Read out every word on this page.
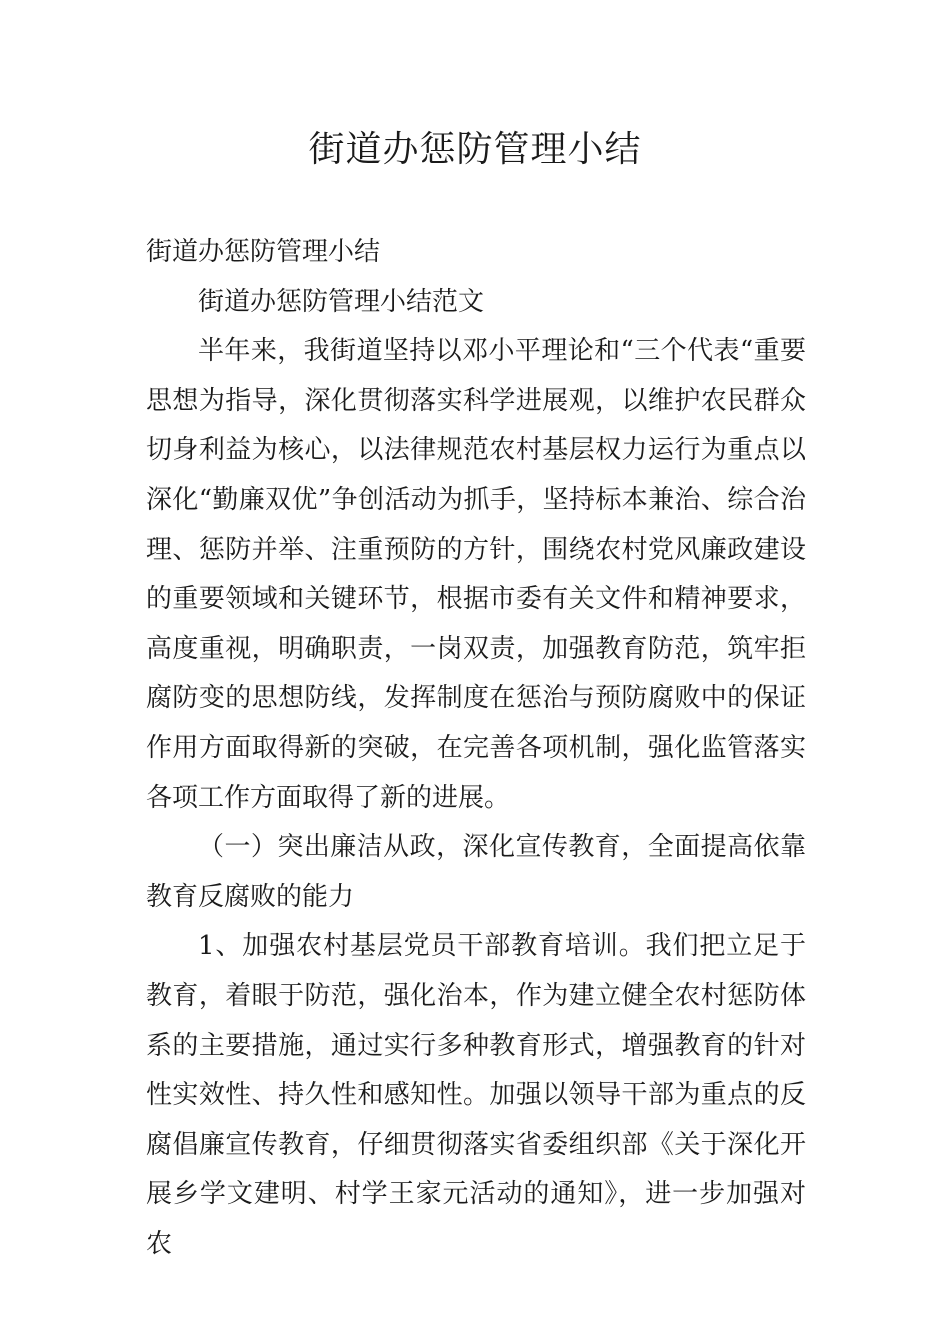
街道办惩防管理小结

街道办惩防管理小结

街道办惩防管理小结范文

半年来，我街道坚持以邓小平理论和“三个代表“重要思想为指导，深化贯彻落实科学进展观，以维护农民群众切身利益为核心，以法律规范农村基层权力运行为重点以深化“勤廉双优”争创活动为抓手，坚持标本兼治、综合治理、惩防并举、注重预防的方针，围绕农村党风廉政建设的重要领域和关键环节，根据市委有关文件和精神要求，高度重视，明确职责，一岗双责，加强教育防范，筑牢拒腐防变的思想防线，发挥制度在惩治与预防腐败中的保证作用方面取得新的突破，在完善各项机制，强化监管落实各项工作方面取得了新的进展。

（一）突出廉洁从政，深化宣传教育，全面提高依靠教育反腐败的能力

1、加强农村基层党员干部教育培训。我们把立足于教育，着眼于防范，强化治本，作为建立健全农村惩防体系的主要措施，通过实行多种教育形式，增强教育的针对性实效性、持久性和感知性。加强以领导干部为重点的反腐倡廉宣传教育，仔细贯彻落实省委组织部《关于深化开展乡学文建明、村学王家元活动的通知》，进一步加强对农
